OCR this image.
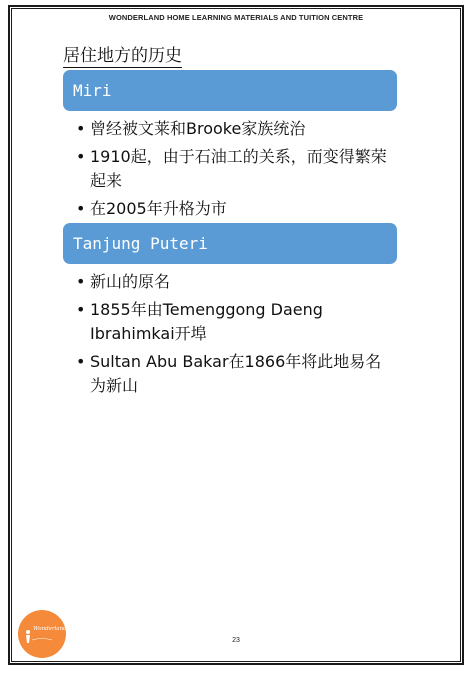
WONDERLAND HOME LEARNING MATERIALS AND TUITION CENTRE
居住地方的历史
Miri
• 曾经被文莱和Brooke家族统治
• 1910起，由于石油工的关系，而变得繁荣起来
• 在2005年升格为市
Tanjung Puteri
• 新山的原名
• 1855年由Temenggong Daeng Ibrahimkai开埠
• Sultan Abu Bakar在1866年将此地易名为新山
Wonderland
23
